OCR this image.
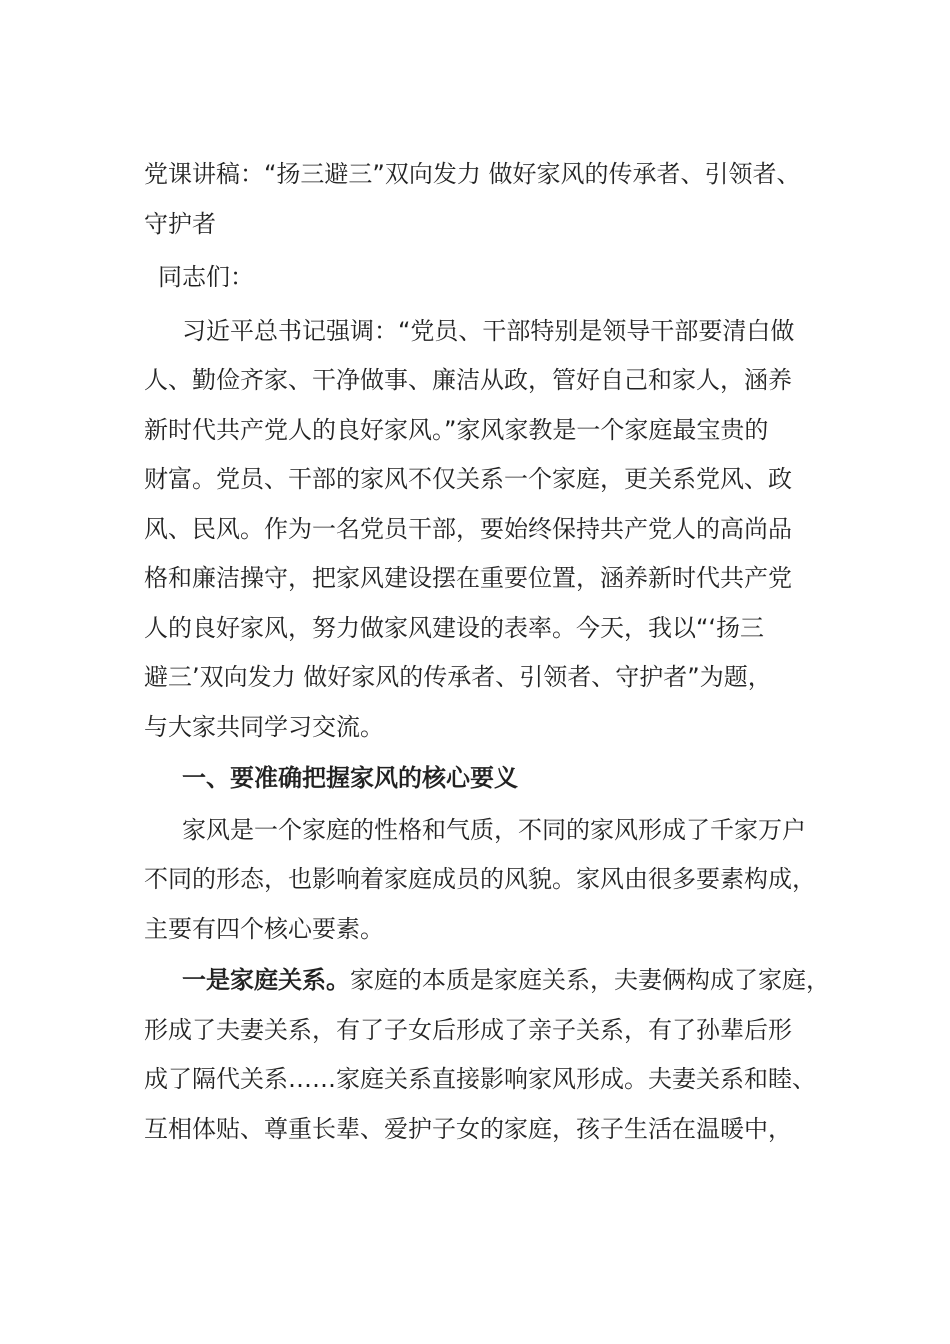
党课讲稿：“扬三避三”双向发力 做好家风的传承者、引领者、
守护者
同志们：
习近平总书记强调：“党员、干部特别是领导干部要清白做
人、勤俭齐家、干净做事、廉洁从政，管好自己和家人，涵养
新时代共产党人的良好家风。”家风家教是一个家庭最宝贵的
财富。党员、干部的家风不仅关系一个家庭，更关系党风、政
风、民风。作为一名党员干部，要始终保持共产党人的高尚品
格和廉洁操守，把家风建设摆在重要位置，涵养新时代共产党
人的良好家风，努力做家风建设的表率。今天，我以“‘扬三
避三’双向发力 做好家风的传承者、引领者、守护者”为题，
与大家共同学习交流。
一、要准确把握家风的核心要义
家风是一个家庭的性格和气质，不同的家风形成了千家万户
不同的形态，也影响着家庭成员的风貌。家风由很多要素构成，
主要有四个核心要素。
一是家庭关系。家庭的本质是家庭关系，夫妻俩构成了家庭，
形成了夫妻关系，有了子女后形成了亲子关系，有了孙辈后形
成了隔代关系……家庭关系直接影响家风形成。夫妻关系和睦、
互相体贴、尊重长辈、爱护子女的家庭，孩子生活在温暖中，
